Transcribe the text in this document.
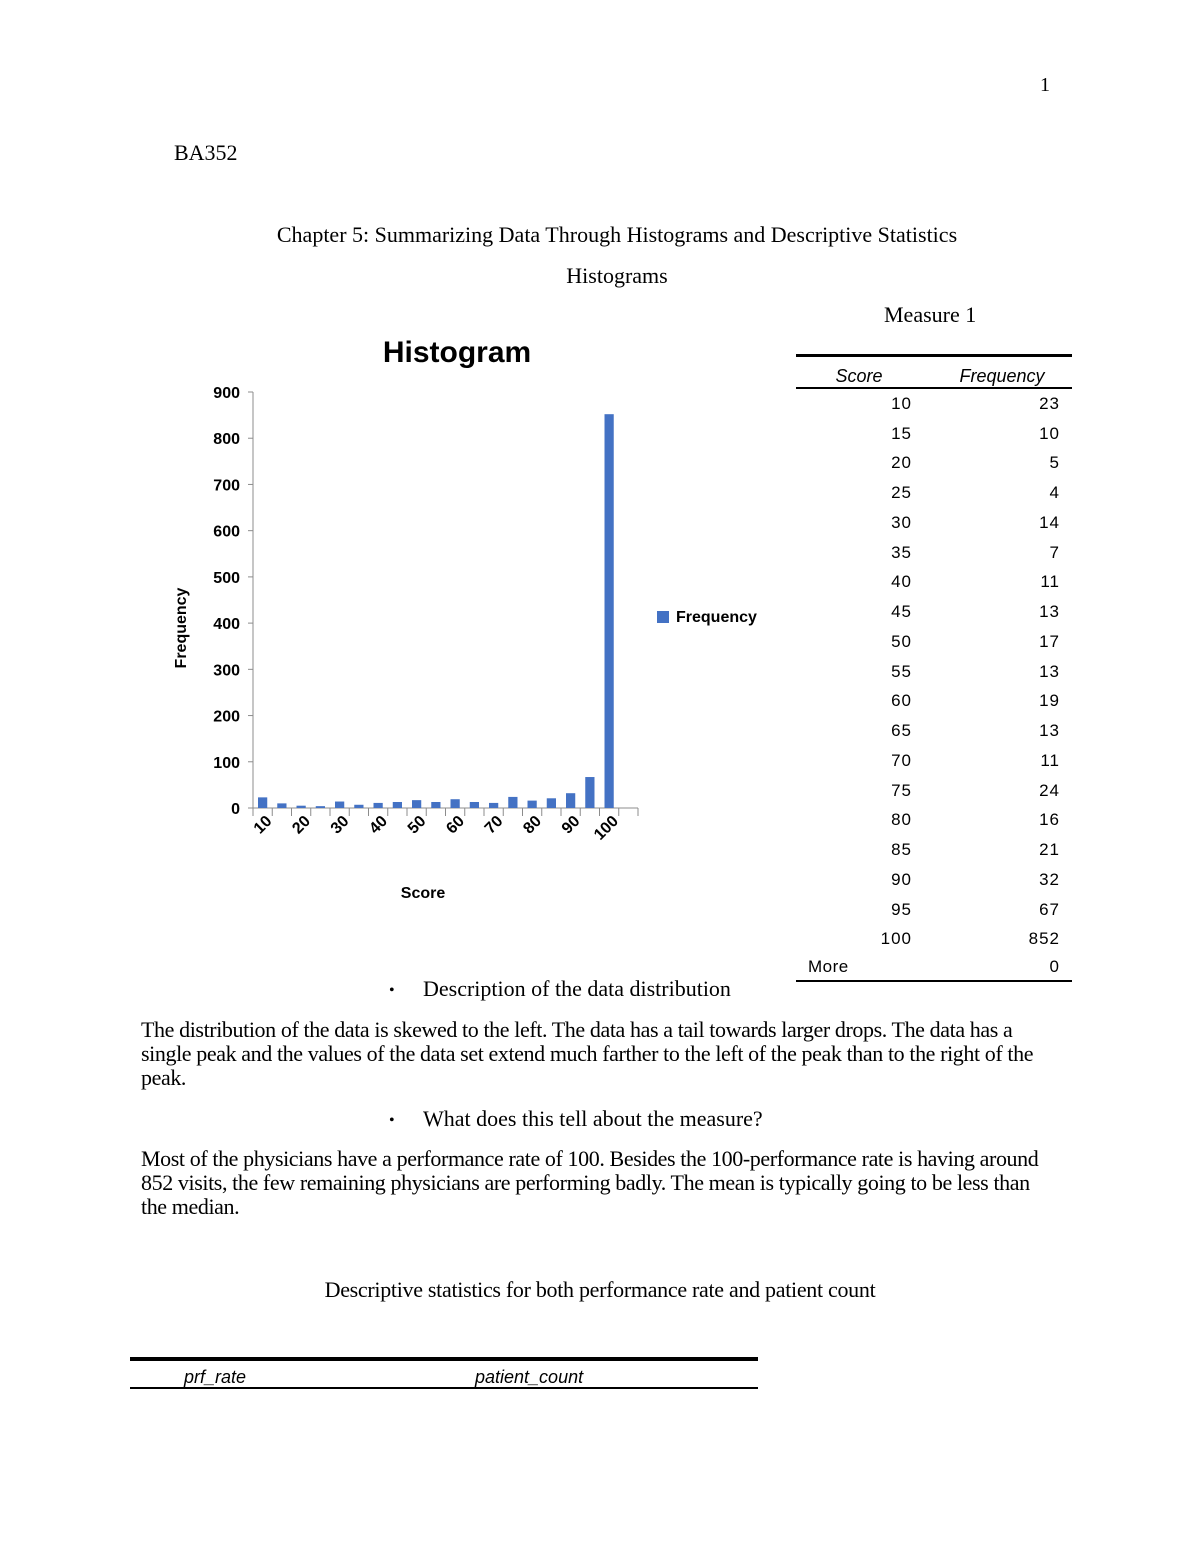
1
BA352
Chapter 5: Summarizing Data Through Histograms and Descriptive Statistics
Histograms
Measure 1
Histogram
0
100
200
300
400
500
600
700
800
900
10 20 30 40 50 60 70 80 90 100
Frequency
Score
Frequency
Score	Frequency
10	23
15	10
20	5
25	4
30	14
35	7
40	11
45	13
50	17
55	13
60	19
65	13
70	11
75	24
80	16
85	21
90	32
95	67
100	852
More	0
• Description of the data distribution
The distribution of the data is skewed to the left. The data has a tail towards larger drops. The data has a single peak and the values of the data set extend much farther to the left of the peak than to the right of the peak.
• What does this tell about the measure?
Most of the physicians have a performance rate of 100. Besides the 100-performance rate is having around 852 visits, the few remaining physicians are performing badly. The mean is typically going to be less than the median.
Descriptive statistics for both performance rate and patient count
prf_rate	patient_count
